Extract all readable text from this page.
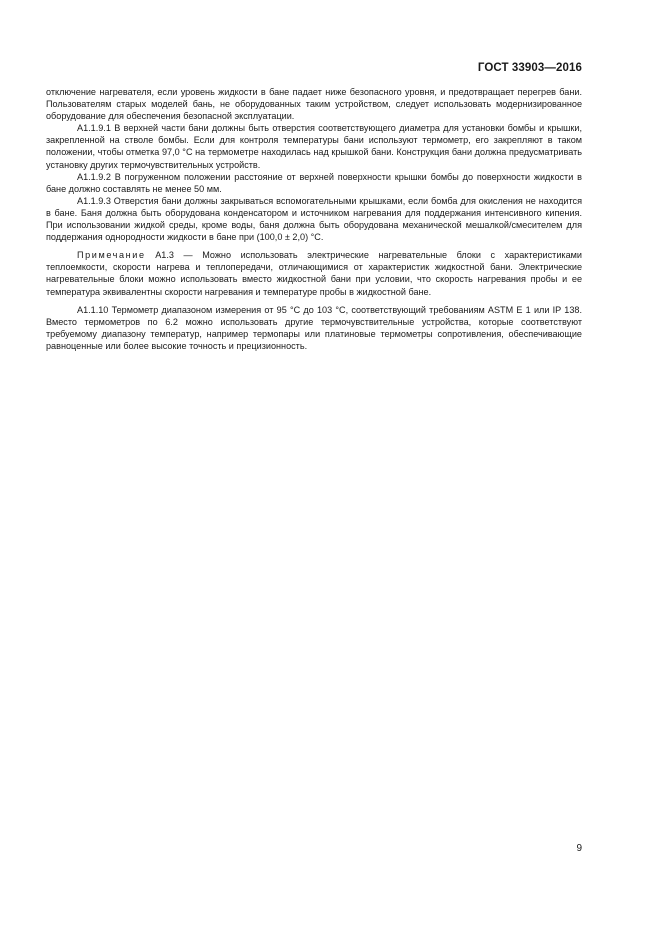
ГОСТ 33903—2016

отключение нагревателя, если уровень жидкости в бане падает ниже безопасного уровня, и предотвращает перегрев бани. Пользователям старых моделей бань, не оборудованных таким устройством, следует использовать модернизированное оборудование для обеспечения безопасной эксплуатации.

А1.1.9.1 В верхней части бани должны быть отверстия соответствующего диаметра для установки бомбы и крышки, закрепленной на стволе бомбы. Если для контроля температуры бани используют термометр, его закрепляют в таком положении, чтобы отметка 97,0 °С на термометре находилась над крышкой бани. Конструкция бани должна предусматривать установку других термочувствительных устройств.

А1.1.9.2 В погруженном положении расстояние от верхней поверхности крышки бомбы до поверхности жидкости в бане должно составлять не менее 50 мм.

А1.1.9.3 Отверстия бани должны закрываться вспомогательными крышками, если бомба для окисления не находится в бане. Баня должна быть оборудована конденсатором и источником нагревания для поддержания интенсивного кипения. При использовании жидкой среды, кроме воды, баня должна быть оборудована механической мешалкой/смесителем для поддержания однородности жидкости в бане при (100,0 ± 2,0) °С.

Примечание А1.3 — Можно использовать электрические нагревательные блоки с характеристиками теплоемкости, скорости нагрева и теплопередачи, отличающимися от характеристик жидкостной бани. Электрические нагревательные блоки можно использовать вместо жидкостной бани при условии, что скорость нагревания пробы и ее температура эквивалентны скорости нагревания и температуре пробы в жидкостной бане.

А1.1.10 Термометр диапазоном измерения от 95 °С до 103 °С, соответствующий требованиям ASTM E 1 или IP 138. Вместо термометров по 6.2 можно использовать другие термочувствительные устройства, которые соответствуют требуемому диапазону температур, например термопары или платиновые термометры сопротивления, обеспечивающие равноценные или более высокие точность и прецизионность.

9
